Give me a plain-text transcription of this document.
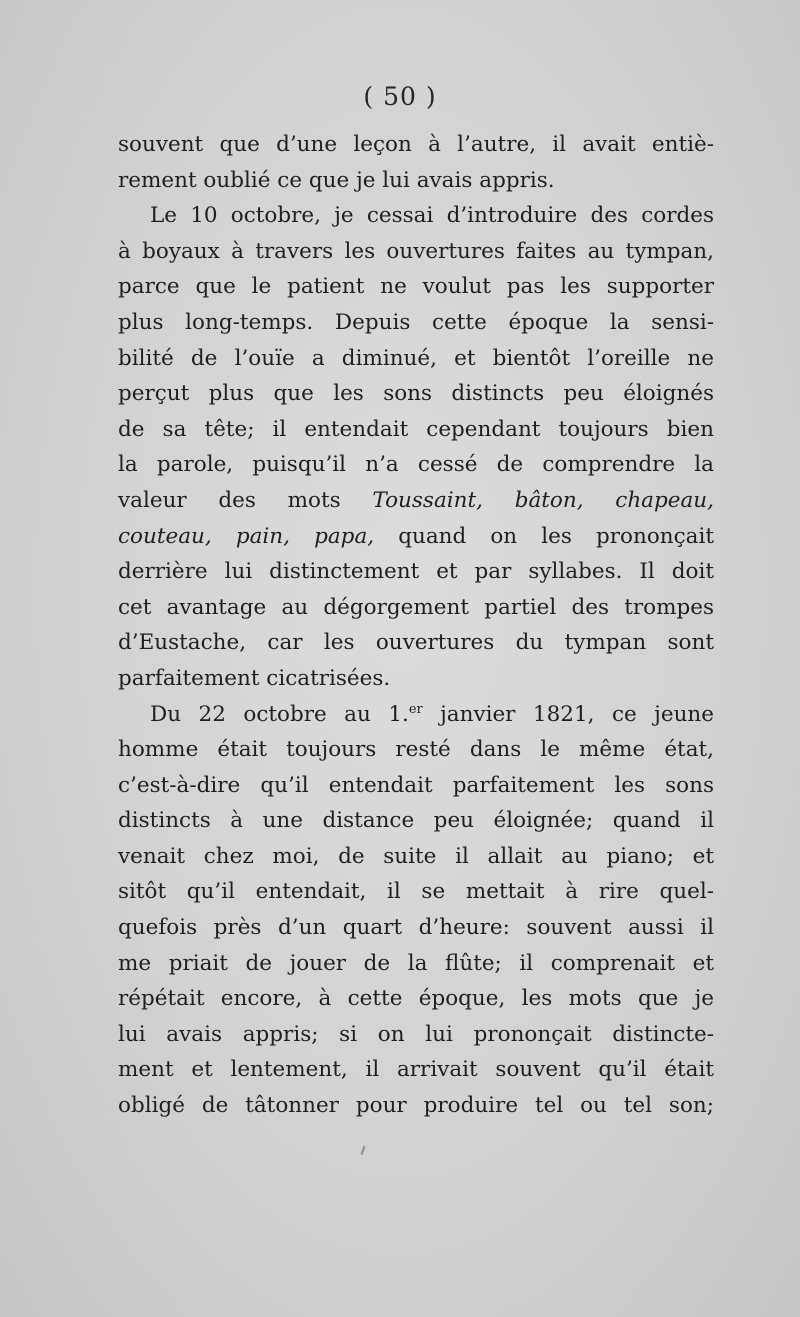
( 50 )
souvent que d’une leçon à l’autre, il avait entiè-
rement oublié ce que je lui avais appris.
Le 10 octobre, je cessai d’introduire des cordes
à boyaux à travers les ouvertures faites au tympan,
parce que le patient ne voulut pas les supporter
plus long-temps. Depuis cette époque la sensi-
bilité de l’ouïe a diminué, et bientôt l’oreille ne
perçut plus que les sons distincts peu éloignés
de sa tête; il entendait cependant toujours bien
la parole, puisqu’il n’a cessé de comprendre la
valeur des mots Toussaint, bâton, chapeau,
couteau, pain, papa, quand on les prononçait
derrière lui distinctement et par syllabes. Il doit
cet avantage au dégorgement partiel des trompes
d’Eustache, car les ouvertures du tympan sont
parfaitement cicatrisées.
Du 22 octobre au 1.$^{er}$ janvier 1821, ce jeune
homme était toujours resté dans le même état,
c’est-à-dire qu’il entendait parfaitement les sons
distincts à une distance peu éloignée; quand il
venait chez moi, de suite il allait au piano; et
sitôt qu’il entendait, il se mettait à rire quel-
quefois près d’un quart d’heure: souvent aussi il
me priait de jouer de la flûte; il comprenait et
répétait encore, à cette époque, les mots que je
lui avais appris; si on lui prononçait distincte-
ment et lentement, il arrivait souvent qu’il était
obligé de tâtonner pour produire tel ou tel son;
